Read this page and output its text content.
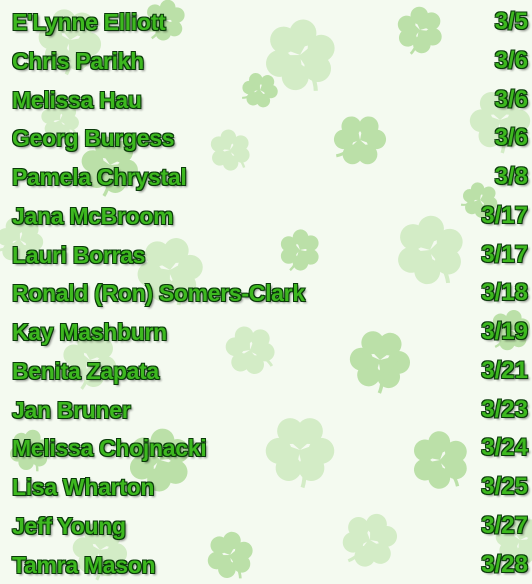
E'Lynne Elliott	3/5
Chris Parikh	3/6
Melissa Hau	3/6
Georg Burgess	3/6
Pamela Chrystal	3/8
Jana McBroom	3/17
Lauri Borras	3/17
Ronald (Ron) Somers-Clark	3/18
Kay Mashburn	3/19
Benita Zapata	3/21
Jan Bruner	3/23
Melissa Chojnacki	3/24
Lisa Wharton	3/25
Jeff Young	3/27
Tamra Mason	3/28
